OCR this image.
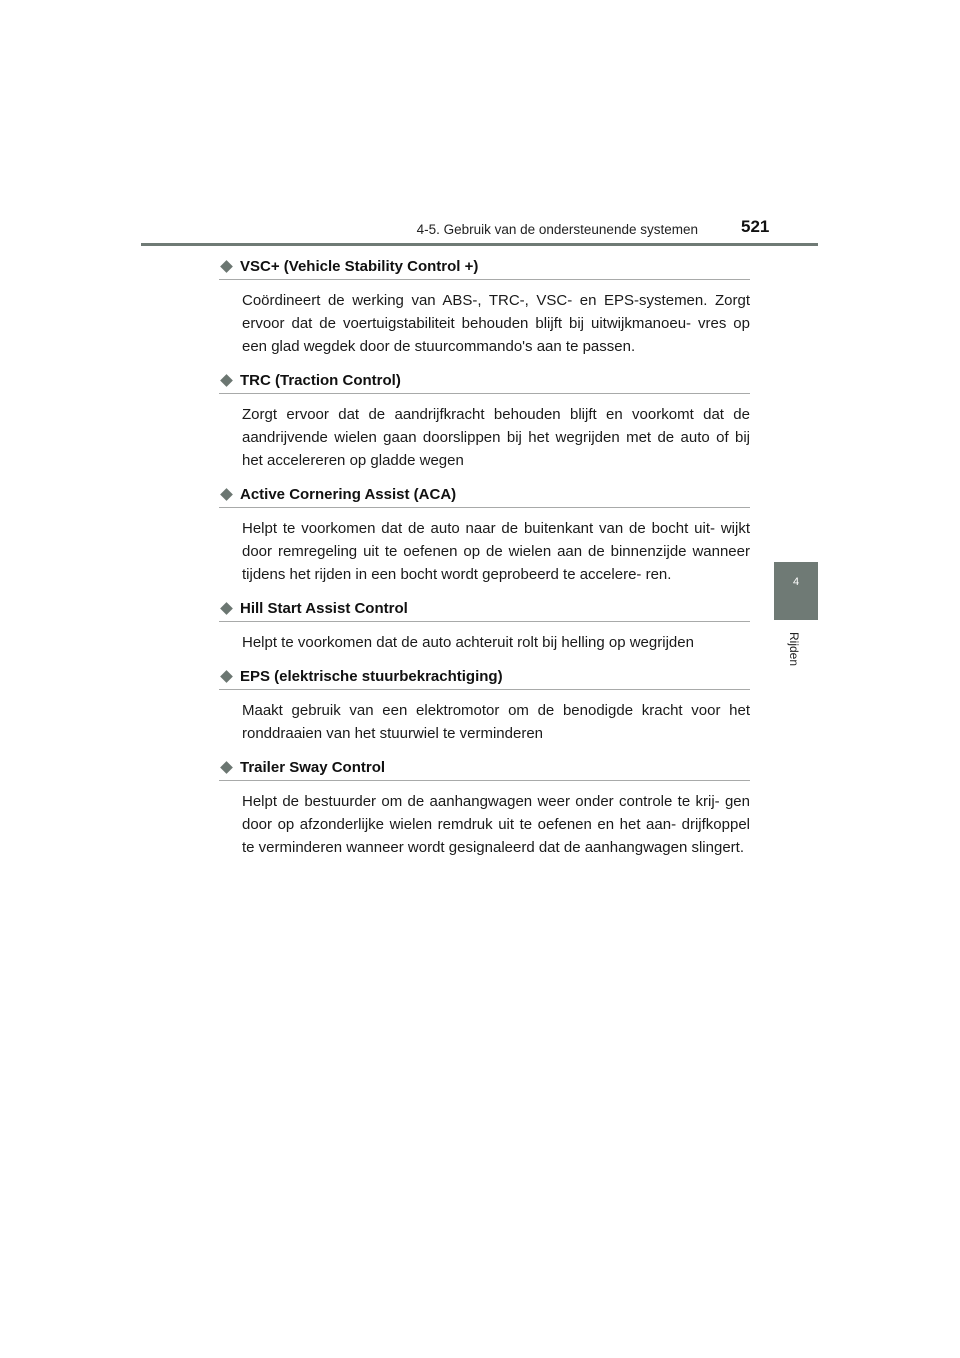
4-5. Gebruik van de ondersteunende systemen	521
4
Rijden
VSC+ (Vehicle Stability Control +)

Coördineert de werking van ABS-, TRC-, VSC- en EPS-systemen. Zorgt ervoor dat de voertuigstabiliteit behouden blijft bij uitwijkmanoeu- vres op een glad wegdek door de stuurcommando's aan te passen.

TRC (Traction Control)

Zorgt ervoor dat de aandrijfkracht behouden blijft en voorkomt dat de aandrijvende wielen gaan doorslippen bij het wegrijden met de auto of bij het accelereren op gladde wegen

Active Cornering Assist (ACA)

Helpt te voorkomen dat de auto naar de buitenkant van de bocht uit- wijkt door remregeling uit te oefenen op de wielen aan de binnenzijde wanneer tijdens het rijden in een bocht wordt geprobeerd te accelere- ren.

Hill Start Assist Control

Helpt te voorkomen dat de auto achteruit rolt bij helling op wegrijden

EPS (elektrische stuurbekrachtiging)

Maakt gebruik van een elektromotor om de benodigde kracht voor het ronddraaien van het stuurwiel te verminderen

Trailer Sway Control

Helpt de bestuurder om de aanhangwagen weer onder controle te krij- gen door op afzonderlijke wielen remdruk uit te oefenen en het aan- drijfkoppel te verminderen wanneer wordt gesignaleerd dat de aanhangwagen slingert.
